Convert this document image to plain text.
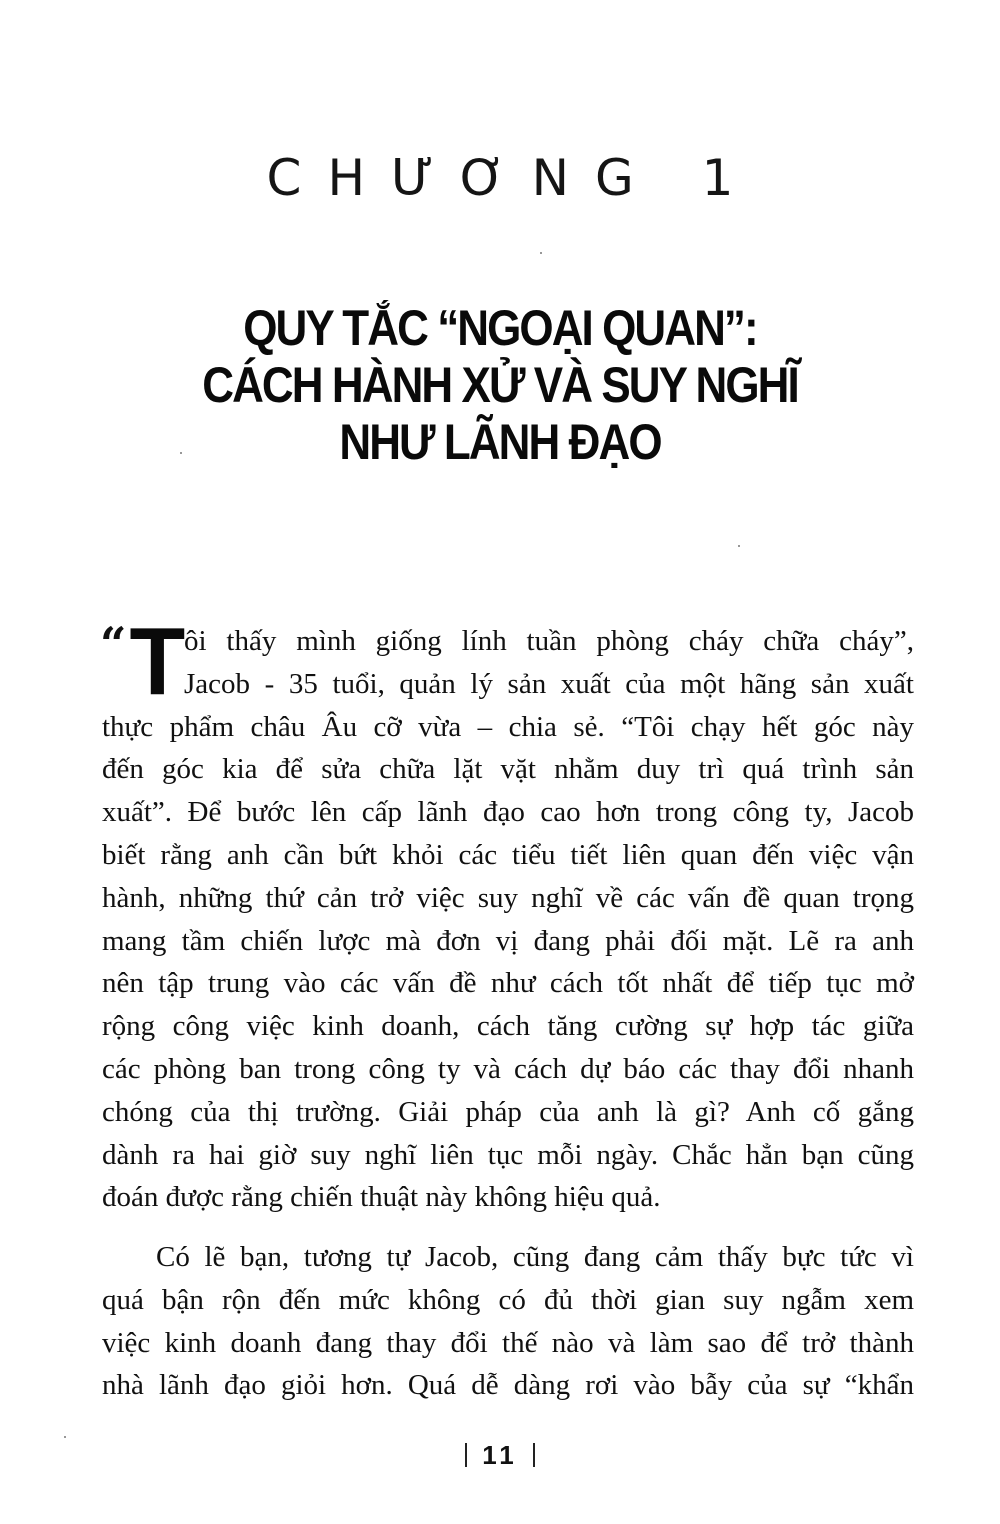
CHƯƠNG 1
QUY TẮC “NGOẠI QUAN”:
CÁCH HÀNH XỬ VÀ SUY NGHĨ
NHƯ LÃNH ĐẠO
“ T
ôi thấy mình giống lính tuần phòng cháy chữa cháy”,
Jacob - 35 tuổi, quản lý sản xuất của một hãng sản xuất
thực phẩm châu Âu cỡ vừa – chia sẻ. “Tôi chạy hết góc này
đến góc kia để sửa chữa lặt vặt nhằm duy trì quá trình sản
xuất”. Để bước lên cấp lãnh đạo cao hơn trong công ty, Jacob
biết rằng anh cần bứt khỏi các tiểu tiết liên quan đến việc vận
hành, những thứ cản trở việc suy nghĩ về các vấn đề quan trọng
mang tầm chiến lược mà đơn vị đang phải đối mặt. Lẽ ra anh
nên tập trung vào các vấn đề như cách tốt nhất để tiếp tục mở
rộng công việc kinh doanh, cách tăng cường sự hợp tác giữa
các phòng ban trong công ty và cách dự báo các thay đổi nhanh
chóng của thị trường. Giải pháp của anh là gì? Anh cố gắng
dành ra hai giờ suy nghĩ liên tục mỗi ngày. Chắc hẳn bạn cũng
đoán được rằng chiến thuật này không hiệu quả.
Có lẽ bạn, tương tự Jacob, cũng đang cảm thấy bực tức vì
quá bận rộn đến mức không có đủ thời gian suy ngẫm xem
việc kinh doanh đang thay đổi thế nào và làm sao để trở thành
nhà lãnh đạo giỏi hơn. Quá dễ dàng rơi vào bẫy của sự “khẩn
11
